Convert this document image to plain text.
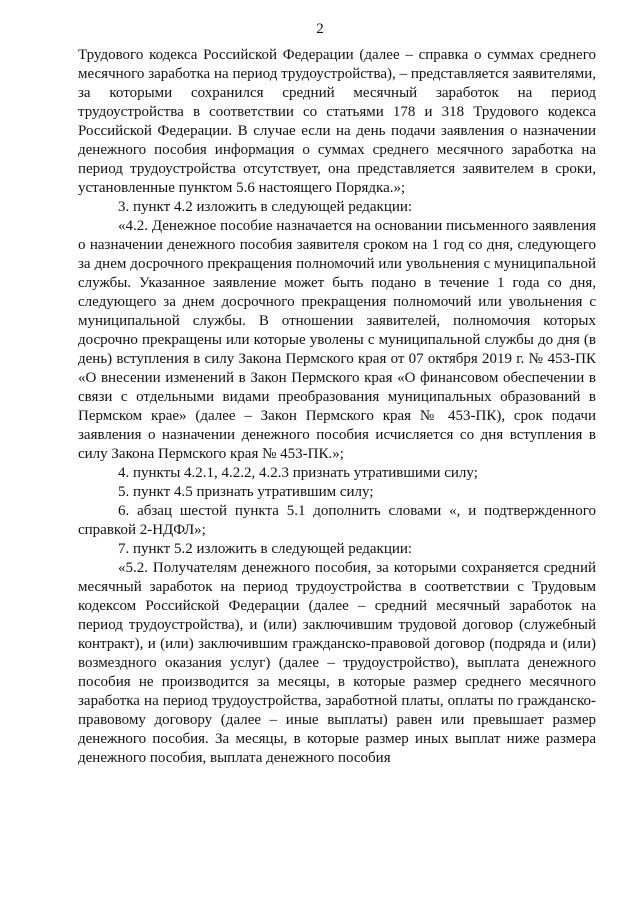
2

Трудового кодекса Российской Федерации (далее – справка о суммах среднего месячного заработка на период трудоустройства), – представляется заявителями, за которыми сохранился средний месячный заработок на период трудоустройства в соответствии со статьями 178 и 318 Трудового кодекса Российской Федерации. В случае если на день подачи заявления о назначении денежного пособия информация о суммах среднего месячного заработка на период трудоустройства отсутствует, она представляется заявителем в сроки, установленные пунктом 5.6 настоящего Порядка.»;

3. пункт 4.2 изложить в следующей редакции:

«4.2. Денежное пособие назначается на основании письменного заявления о назначении денежного пособия заявителя сроком на 1 год со дня, следующего за днем досрочного прекращения полномочий или увольнения с муниципальной службы. Указанное заявление может быть подано в течение 1 года со дня, следующего за днем досрочного прекращения полномочий или увольнения с муниципальной службы. В отношении заявителей, полномочия которых досрочно прекращены или которые уволены с муниципальной службы до дня (в день) вступления в силу Закона Пермского края от 07 октября 2019 г. № 453-ПК «О внесении изменений в Закон Пермского края «О финансовом обеспечении в связи с отдельными видами преобразования муниципальных образований в Пермском крае» (далее – Закон Пермского края № 453-ПК), срок подачи заявления о назначении денежного пособия исчисляется со дня вступления в силу Закона Пермского края № 453-ПК.»;

4. пункты 4.2.1, 4.2.2, 4.2.3 признать утратившими силу;

5. пункт 4.5 признать утратившим силу;

6. абзац шестой пункта 5.1 дополнить словами «, и подтвержденного справкой 2-НДФЛ»;

7. пункт 5.2 изложить в следующей редакции:

«5.2. Получателям денежного пособия, за которыми сохраняется средний месячный заработок на период трудоустройства в соответствии с Трудовым кодексом Российской Федерации (далее – средний месячный заработок на период трудоустройства), и (или) заключившим трудовой договор (служебный контракт), и (или) заключившим гражданско-правовой договор (подряда и (или) возмездного оказания услуг) (далее – трудоустройство), выплата денежного пособия не производится за месяцы, в которые размер среднего месячного заработка на период трудоустройства, заработной платы, оплаты по гражданско-правовому договору (далее – иные выплаты) равен или превышает размер денежного пособия. За месяцы, в которые размер иных выплат ниже размера денежного пособия, выплата денежного пособия
